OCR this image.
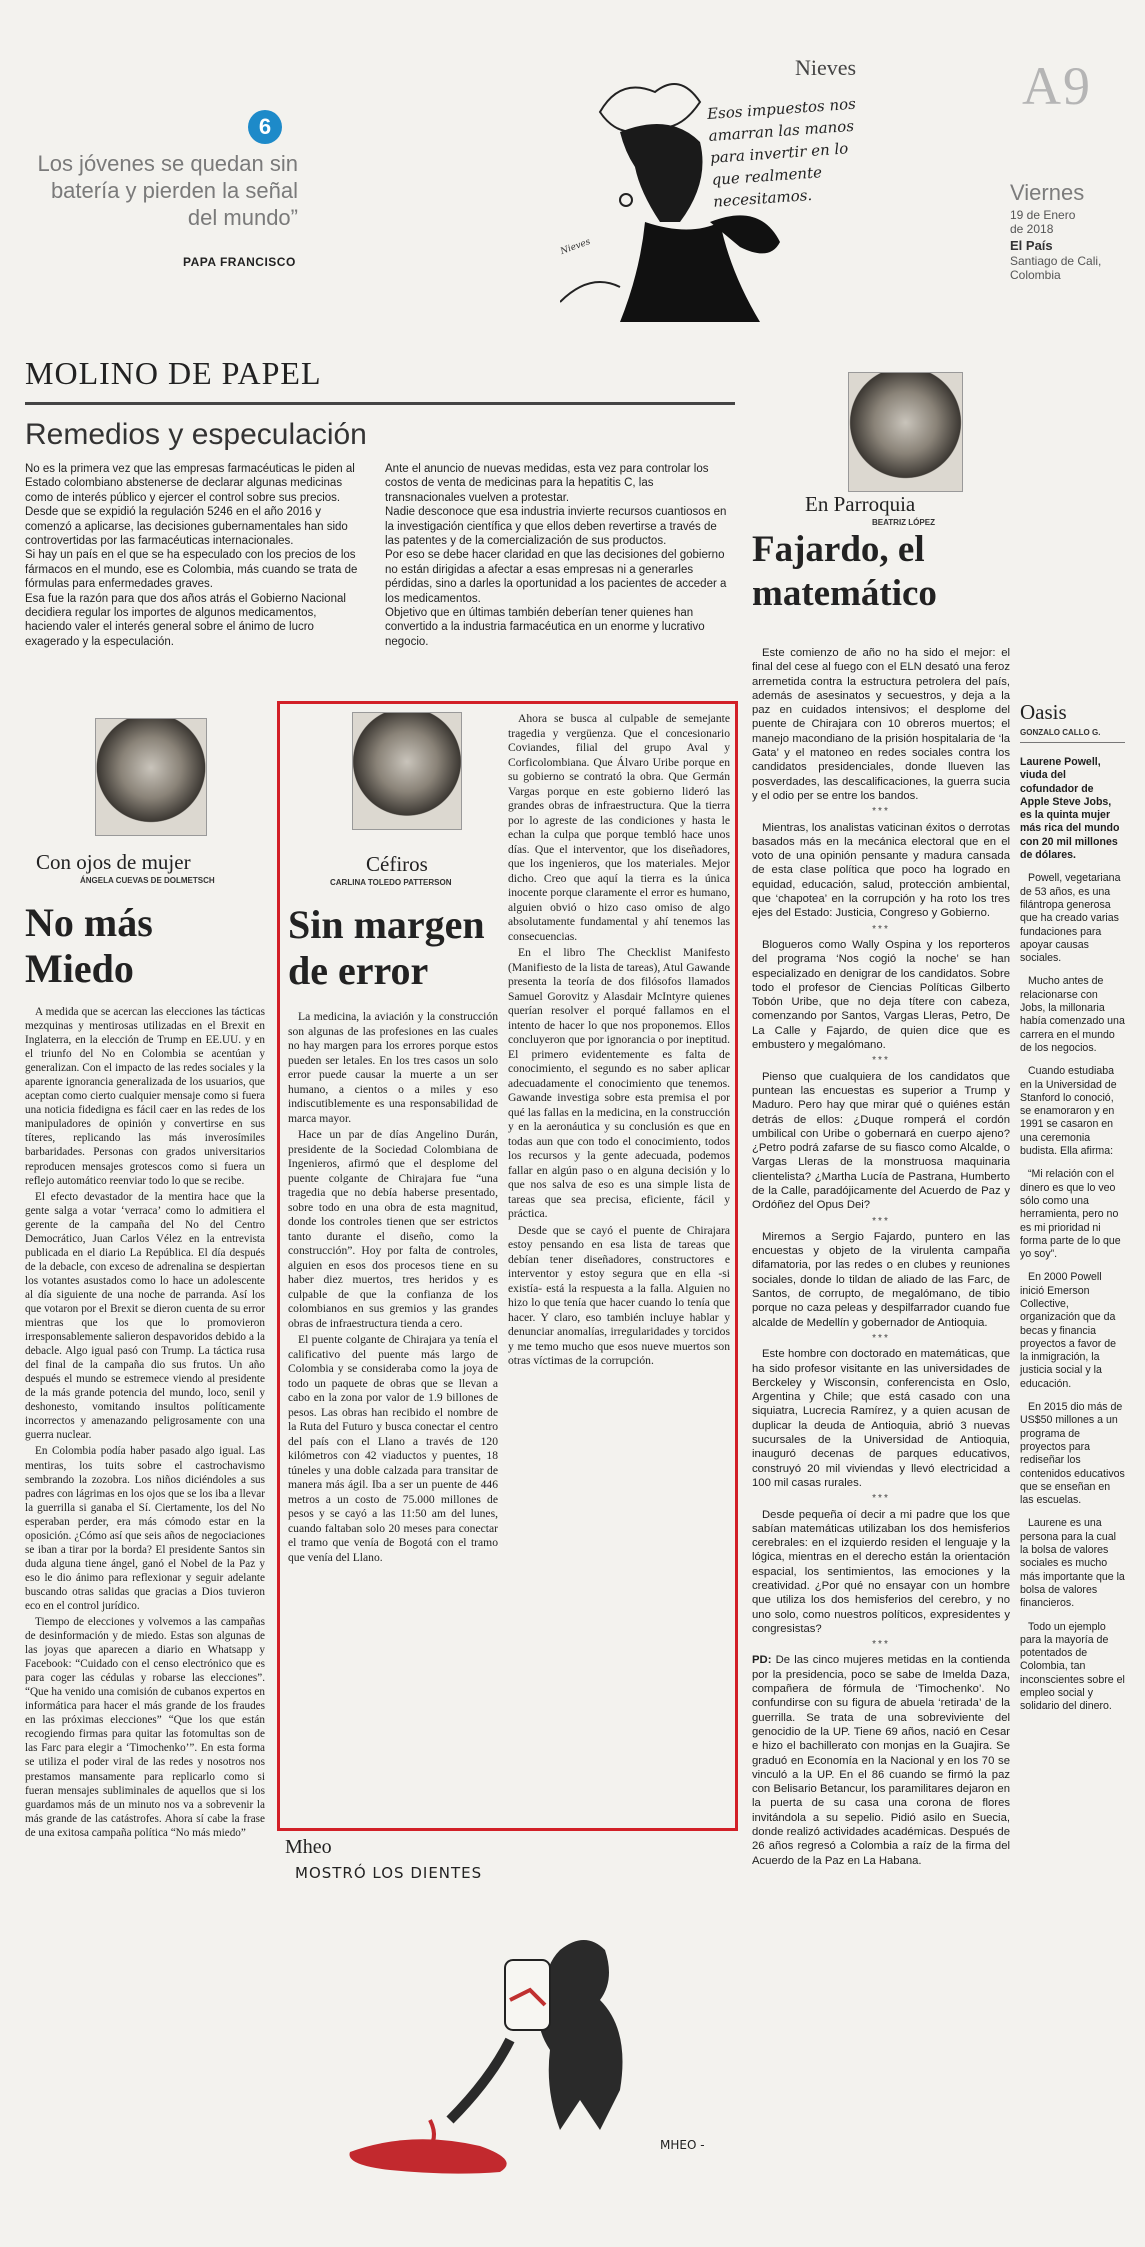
Nieves	A9
Viernes
19 de Enero
de 2018
El País
Santiago de Cali,
Colombia
6
Los jóvenes se quedan sin batería y pierden la señal del mundo”
PAPA FRANCISCO
Esos impuestos nos amarran las manos para invertir en lo que realmente necesitamos.
Nieves
MOLINO DE PAPEL
Remedios y especulación
No es la primera vez que las empresas farmacéuticas le piden al Estado colombiano abstenerse de declarar algunas medicinas como de interés público y ejercer el control sobre sus precios.
Desde que se expidió la regulación 5246 en el año 2016 y comenzó a aplicarse, las decisiones gubernamentales han sido controvertidas por las farmacéuticas internacionales.
Si hay un país en el que se ha especulado con los precios de los fármacos en el mundo, ese es Colombia, más cuando se trata de fórmulas para enfermedades graves.
Esa fue la razón para que dos años atrás el Gobierno Nacional decidiera regular los importes de algunos medicamentos, haciendo valer el interés general sobre el ánimo de lucro exagerado y la especulación.
Ante el anuncio de nuevas medidas, esta vez para controlar los costos de venta de medicinas para la hepatitis C, las transnacionales vuelven a protestar.
Nadie desconoce que esa industria invierte recursos cuantiosos en la investigación científica y que ellos deben revertirse a través de las patentes y de la comercialización de sus productos.
Por eso se debe hacer claridad en que las decisiones del gobierno no están dirigidas a afectar a esas empresas ni a generarles pérdidas, sino a darles la oportunidad a los pacientes de acceder a los medicamentos.
Objetivo que en últimas también deberían tener quienes han convertido a la industria farmacéutica en un enorme y lucrativo negocio.
En Parroquia
BEATRIZ LÓPEZ
Fajardo, el matemático

Este comienzo de año no ha sido el mejor: el final del cese al fuego con el ELN desató una feroz arremetida contra la estructura petrolera del país, además de asesinatos y secuestros, y deja a la paz en cuidados intensivos; el desplome del puente de Chirajara con 10 obreros muertos; el manejo macondiano de la prisión hospitalaria de ‘la Gata’ y el matoneo en redes sociales contra los candidatos presidenciales, donde llueven las posverdades, las descalificaciones, la guerra sucia y el odio per se entre los bandos.

***

Mientras, los analistas vaticinan éxitos o derrotas basados más en la mecánica electoral que en el voto de una opinión pensante y madura cansada de esta clase política que poco ha logrado en equidad, educación, salud, protección ambiental, que ‘chapotea’ en la corrupción y ha roto los tres ejes del Estado: Justicia, Congreso y Gobierno.

***

Blogueros como Wally Ospina y los reporteros del programa ‘Nos cogió la noche’ se han especializado en denigrar de los candidatos. Sobre todo el profesor de Ciencias Políticas Gilberto Tobón Uribe, que no deja títere con cabeza, comenzando por Santos, Vargas Lleras, Petro, De La Calle y Fajardo, de quien dice que es embustero y megalómano.

***

Pienso que cualquiera de los candidatos que puntean las encuestas es superior a Trump y Maduro. Pero hay que mirar qué o quiénes están detrás de ellos: ¿Duque romperá el cordón umbilical con Uribe o gobernará en cuerpo ajeno? ¿Petro podrá zafarse de su fiasco como Alcalde, o Vargas Lleras de la monstruosa maquinaria clientelista? ¿Martha Lucía de Pastrana, Humberto de la Calle, paradójicamente del Acuerdo de Paz y Ordóñez del Opus Dei?

***

Miremos a Sergio Fajardo, puntero en las encuestas y objeto de la virulenta campaña difamatoria, por las redes o en clubes y reuniones sociales, donde lo tildan de aliado de las Farc, de Santos, de corrupto, de megalómano, de tibio porque no caza peleas y despilfarrador cuando fue alcalde de Medellín y gobernador de Antioquia.

***

Este hombre con doctorado en matemáticas, que ha sido profesor visitante en las universidades de Berckeley y Wisconsin, conferencista en Oslo, Argentina y Chile; que está casado con una siquiatra, Lucrecia Ramírez, y a quien acusan de duplicar la deuda de Antioquia, abrió 3 nuevas sucursales de la Universidad de Antioquia, inauguró decenas de parques educativos, construyó 20 mil viviendas y llevó electricidad a 100 mil casas rurales.

***

Desde pequeña oí decir a mi padre que los que sabían matemáticas utilizaban los dos hemisferios cerebrales: en el izquierdo residen el lenguaje y la lógica, mientras en el derecho están la orientación espacial, los sentimientos, las emociones y la creatividad. ¿Por qué no ensayar con un hombre que utiliza los dos hemisferios del cerebro, y no uno solo, como nuestros políticos, expresidentes y congresistas?

***

PD: De las cinco mujeres metidas en la contienda por la presidencia, poco se sabe de Imelda Daza, compañera de fórmula de ‘Timochenko’. No confundirse con su figura de abuela ‘retirada’ de la guerrilla. Se trata de una sobreviviente del genocidio de la UP. Tiene 69 años, nació en Cesar e hizo el bachillerato con monjas en la Guajira. Se graduó en Economía en la Nacional y en los 70 se vinculó a la UP. En el 86 cuando se firmó la paz con Belisario Betancur, los paramilitares dejaron en la puerta de su casa una corona de flores invitándola a su sepelio. Pidió asilo en Suecia, donde realizó actividades académicas. Después de 26 años regresó a Colombia a raíz de la firma del Acuerdo de la Paz en La Habana.

Oasis
GONZALO CALLO G.

Laurene Powell, viuda del cofundador de Apple Steve Jobs, es la quinta mujer más rica del mundo con 20 mil millones de dólares.

Powell, vegetariana de 53 años, es una filántropa generosa que ha creado varias fundaciones para apoyar causas sociales.

Mucho antes de relacionarse con Jobs, la millonaria había comenzado una carrera en el mundo de los negocios.

Cuando estudiaba en la Universidad de Stanford lo conoció, se enamoraron y en 1991 se casaron en una ceremonia budista. Ella afirma:

“Mi relación con el dinero es que lo veo sólo como una herramienta, pero no es mi prioridad ni forma parte de lo que yo soy”.

En 2000 Powell inició Emerson Collective, organización que da becas y financia proyectos a favor de la inmigración, la justicia social y la educación.

En 2015 dio más de US$50 millones a un programa de proyectos para rediseñar los contenidos educativos que se enseñan en las escuelas.

Laurene es una persona para la cual la bolsa de valores sociales es mucho más importante que la bolsa de valores financieros.

Todo un ejemplo para la mayoría de potentados de Colombia, tan inconscientes sobre el empleo social y solidario del dinero.

Con ojos de mujer
ÁNGELA CUEVAS DE DOLMETSCH
No más Miedo

A medida que se acercan las elecciones las tácticas mezquinas y mentirosas utilizadas en el Brexit en Inglaterra, en la elección de Trump en EE.UU. y en el triunfo del No en Colombia se acentúan y generalizan. Con el impacto de las redes sociales y la aparente ignorancia generalizada de los usuarios, que aceptan como cierto cualquier mensaje como si fuera una noticia fidedigna es fácil caer en las redes de los manipuladores de opinión y convertirse en sus títeres, replicando las más inverosímiles barbaridades. Personas con grados universitarios reproducen mensajes grotescos como si fuera un reflejo automático reenviar todo lo que se recibe.

El efecto devastador de la mentira hace que la gente salga a votar ‘verraca’ como lo admitiera el gerente de la campaña del No del Centro Democrático, Juan Carlos Vélez en la entrevista publicada en el diario La República. El día después de la debacle, con exceso de adrenalina se despiertan los votantes asustados como lo hace un adolescente al día siguiente de una noche de parranda. Así los que votaron por el Brexit se dieron cuenta de su error mientras que los que lo promovieron irresponsablemente salieron despavoridos debido a la debacle. Algo igual pasó con Trump. La táctica rusa del final de la campaña dio sus frutos. Un año después el mundo se estremece viendo al presidente de la más grande potencia del mundo, loco, senil y deshonesto, vomitando insultos políticamente incorrectos y amenazando peligrosamente con una guerra nuclear.

En Colombia podía haber pasado algo igual. Las mentiras, los tuits sobre el castrochavismo sembrando la zozobra. Los niños diciéndoles a sus padres con lágrimas en los ojos que se los iba a llevar la guerrilla si ganaba el Sí. Ciertamente, los del No esperaban perder, era más cómodo estar en la oposición. ¿Cómo así que seis años de negociaciones se iban a tirar por la borda? El presidente Santos sin duda alguna tiene ángel, ganó el Nobel de la Paz y eso le dio ánimo para reflexionar y seguir adelante buscando otras salidas que gracias a Dios tuvieron eco en el control jurídico.

Tiempo de elecciones y volvemos a las campañas de desinformación y de miedo. Estas son algunas de las joyas que aparecen a diario en Whatsapp y Facebook: “Cuidado con el censo electrónico que es para coger las cédulas y robarse las elecciones”. “Que ha venido una comisión de cubanos expertos en informática para hacer el más grande de los fraudes en las próximas elecciones” “Que los que están recogiendo firmas para quitar las fotomultas son de las Farc para elegir a ‘Timochenko’”. En esta forma se utiliza el poder viral de las redes y nosotros nos prestamos mansamente para replicarlo como si fueran mensajes subliminales de aquellos que si los guardamos más de un minuto nos va a sobrevenir la más grande de las catástrofes. Ahora sí cabe la frase de una exitosa campaña política “No más miedo”

Céfiros
CARLINA TOLEDO PATTERSON
Sin margen de error

La medicina, la aviación y la construcción son algunas de las profesiones en las cuales no hay margen para los errores porque estos pueden ser letales. En los tres casos un solo error puede causar la muerte a un ser humano, a cientos o a miles y eso indiscutiblemente es una responsabilidad de marca mayor.

Hace un par de días Angelino Durán, presidente de la Sociedad Colombiana de Ingenieros, afirmó que el desplome del puente colgante de Chirajara fue “una tragedia que no debía haberse presentado, sobre todo en una obra de esta magnitud, donde los controles tienen que ser estrictos tanto durante el diseño, como la construcción”. Hoy por falta de controles, alguien en esos dos procesos tiene en su haber diez muertos, tres heridos y es culpable de que la confianza de los colombianos en sus gremios y las grandes obras de infraestructura tienda a cero.

El puente colgante de Chirajara ya tenía el calificativo del puente más largo de Colombia y se consideraba como la joya de todo un paquete de obras que se llevan a cabo en la zona por valor de 1.9 billones de pesos. Las obras han recibido el nombre de la Ruta del Futuro y busca conectar el centro del país con el Llano a través de 120 kilómetros con 42 viaductos y puentes, 18 túneles y una doble calzada para transitar de manera más ágil. Iba a ser un puente de 446 metros a un costo de 75.000 millones de pesos y se cayó a las 11:50 am del lunes, cuando faltaban solo 20 meses para conectar el tramo que venía de Bogotá con el tramo que venía del Llano.

Ahora se busca al culpable de semejante tragedia y vergüenza. Que el concesionario Coviandes, filial del grupo Aval y Corficolombiana. Que Álvaro Uribe porque en su gobierno se contrató la obra. Que Germán Vargas porque en este gobierno lideró las grandes obras de infraestructura. Que la tierra por lo agreste de las condiciones y hasta le echan la culpa que porque tembló hace unos días. Que el interventor, que los diseñadores, que los ingenieros, que los materiales. Mejor dicho. Creo que aquí la tierra es la única inocente porque claramente el error es humano, alguien obvió o hizo caso omiso de algo absolutamente fundamental y ahí tenemos las consecuencias.

En el libro The Checklist Manifesto (Manifiesto de la lista de tareas), Atul Gawande presenta la teoría de dos filósofos llamados Samuel Gorovitz y Alasdair McIntyre quienes querían resolver el porqué fallamos en el intento de hacer lo que nos proponemos. Ellos concluyeron que por ignorancia o por ineptitud. El primero evidentemente es falta de conocimiento, el segundo es no saber aplicar adecuadamente el conocimiento que tenemos. Gawande investiga sobre esta premisa el por qué las fallas en la medicina, en la construcción y en la aeronáutica y su conclusión es que en todas aun que con todo el conocimiento, todos los recursos y la gente adecuada, podemos fallar en algún paso o en alguna decisión y lo que nos salva de eso es una simple lista de tareas que sea precisa, eficiente, fácil y práctica.

Desde que se cayó el puente de Chirajara estoy pensando en esa lista de tareas que debían tener diseñadores, constructores e interventor y estoy segura que en ella -si existía- está la respuesta a la falla. Alguien no hizo lo que tenía que hacer cuando lo tenía que hacer. Y claro, eso también incluye hablar y denunciar anomalías, irregularidades y torcidos y me temo mucho que esos nueve muertos son otras víctimas de la corrupción.

Mheo
MOSTRÓ LOS DIENTES
MHEO -
